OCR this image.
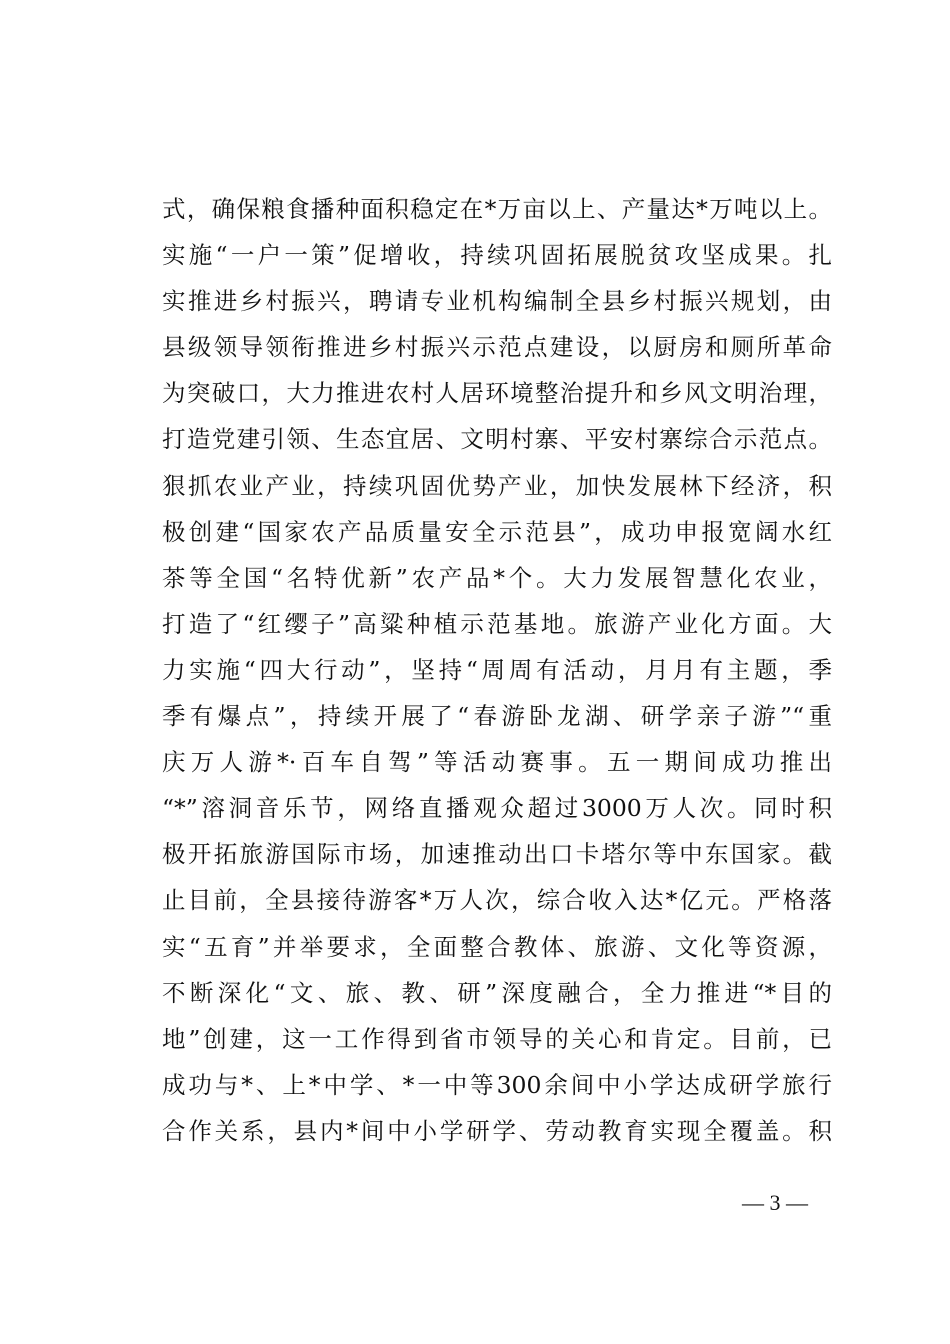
式，确保粮食播种面积稳定在*万亩以上、产量达*万吨以上。
实施“一户一策”促增收，持续巩固拓展脱贫攻坚成果。扎
实推进乡村振兴，聘请专业机构编制全县乡村振兴规划，由
县级领导领衔推进乡村振兴示范点建设，以厨房和厕所革命
为突破口，大力推进农村人居环境整治提升和乡风文明治理，
打造党建引领、生态宜居、文明村寨、平安村寨综合示范点。
狠抓农业产业，持续巩固优势产业，加快发展林下经济，积
极创建“国家农产品质量安全示范县”，成功申报宽阔水红
茶等全国“名特优新”农产品*个。大力发展智慧化农业，
打造了“红缨子”高粱种植示范基地。旅游产业化方面。大
力实施“四大行动”，坚持“周周有活动，月月有主题，季
季有爆点”，持续开展了“春游卧龙湖、研学亲子游”“重
庆万人游*·百车自驾”等活动赛事。五一期间成功推出
“*”溶洞音乐节，网络直播观众超过3000万人次。同时积
极开拓旅游国际市场，加速推动出口卡塔尔等中东国家。截
止目前，全县接待游客*万人次，综合收入达*亿元。严格落
实“五育”并举要求，全面整合教体、旅游、文化等资源，
不断深化“文、旅、教、研”深度融合，全力推进“*目的
地”创建，这一工作得到省市领导的关心和肯定。目前，已
成功与*、上*中学、*一中等300余间中小学达成研学旅行
合作关系，县内*间中小学研学、劳动教育实现全覆盖。积
— 3 —
